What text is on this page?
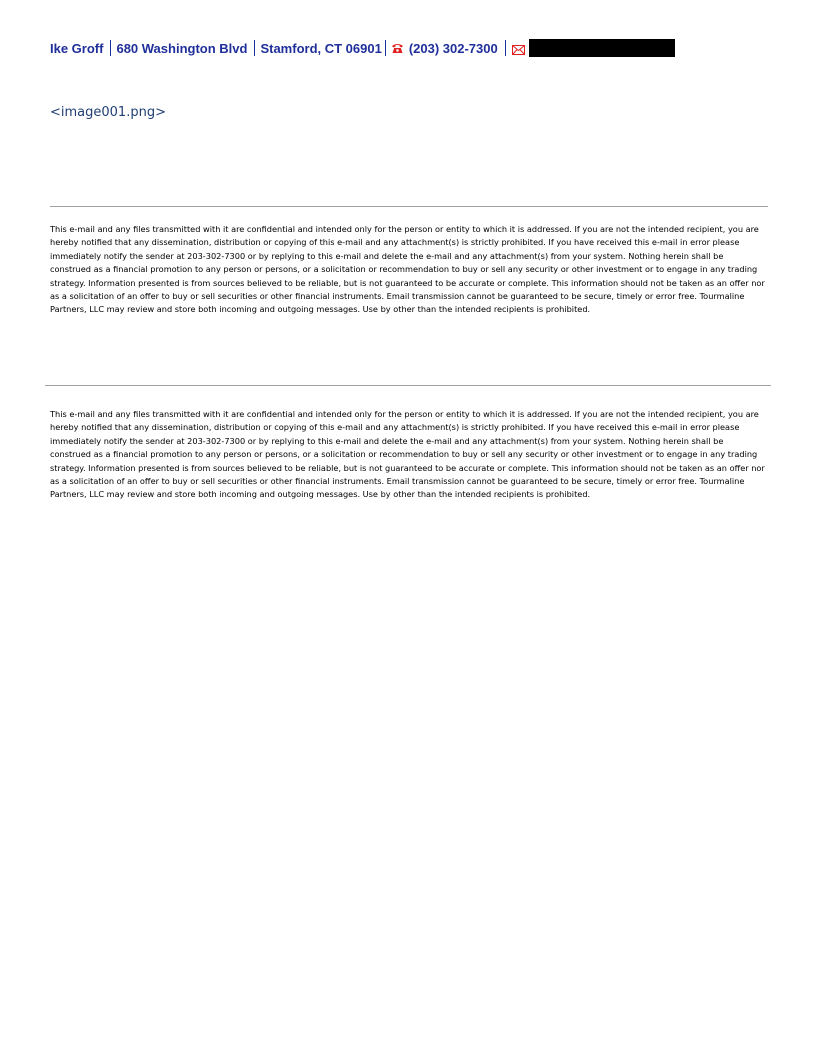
Ike Groff 680 Washington Blvd Stamford, CT 06901 (203) 302-7300
<image001.png>
This e-mail and any files transmitted with it are confidential and intended only for the person or entity to which it is addressed. If you are not the intended recipient, you are hereby notified that any dissemination, distribution or copying of this e-mail and any attachment(s) is strictly prohibited. If you have received this e-mail in error please immediately notify the sender at 203-302-7300 or by replying to this e-mail and delete the e-mail and any attachment(s) from your system. Nothing herein shall be construed as a financial promotion to any person or persons, or a solicitation or recommendation to buy or sell any security or other investment or to engage in any trading strategy. Information presented is from sources believed to be reliable, but is not guaranteed to be accurate or complete. This information should not be taken as an offer nor as a solicitation of an offer to buy or sell securities or other financial instruments. Email transmission cannot be guaranteed to be secure, timely or error free. Tourmaline Partners, LLC may review and store both incoming and outgoing messages. Use by other than the intended recipients is prohibited.
This e-mail and any files transmitted with it are confidential and intended only for the person or entity to which it is addressed. If you are not the intended recipient, you are hereby notified that any dissemination, distribution or copying of this e-mail and any attachment(s) is strictly prohibited. If you have received this e-mail in error please immediately notify the sender at 203-302-7300 or by replying to this e-mail and delete the e-mail and any attachment(s) from your system. Nothing herein shall be construed as a financial promotion to any person or persons, or a solicitation or recommendation to buy or sell any security or other investment or to engage in any trading strategy. Information presented is from sources believed to be reliable, but is not guaranteed to be accurate or complete. This information should not be taken as an offer nor as a solicitation of an offer to buy or sell securities or other financial instruments. Email transmission cannot be guaranteed to be secure, timely or error free. Tourmaline Partners, LLC may review and store both incoming and outgoing messages. Use by other than the intended recipients is prohibited.
